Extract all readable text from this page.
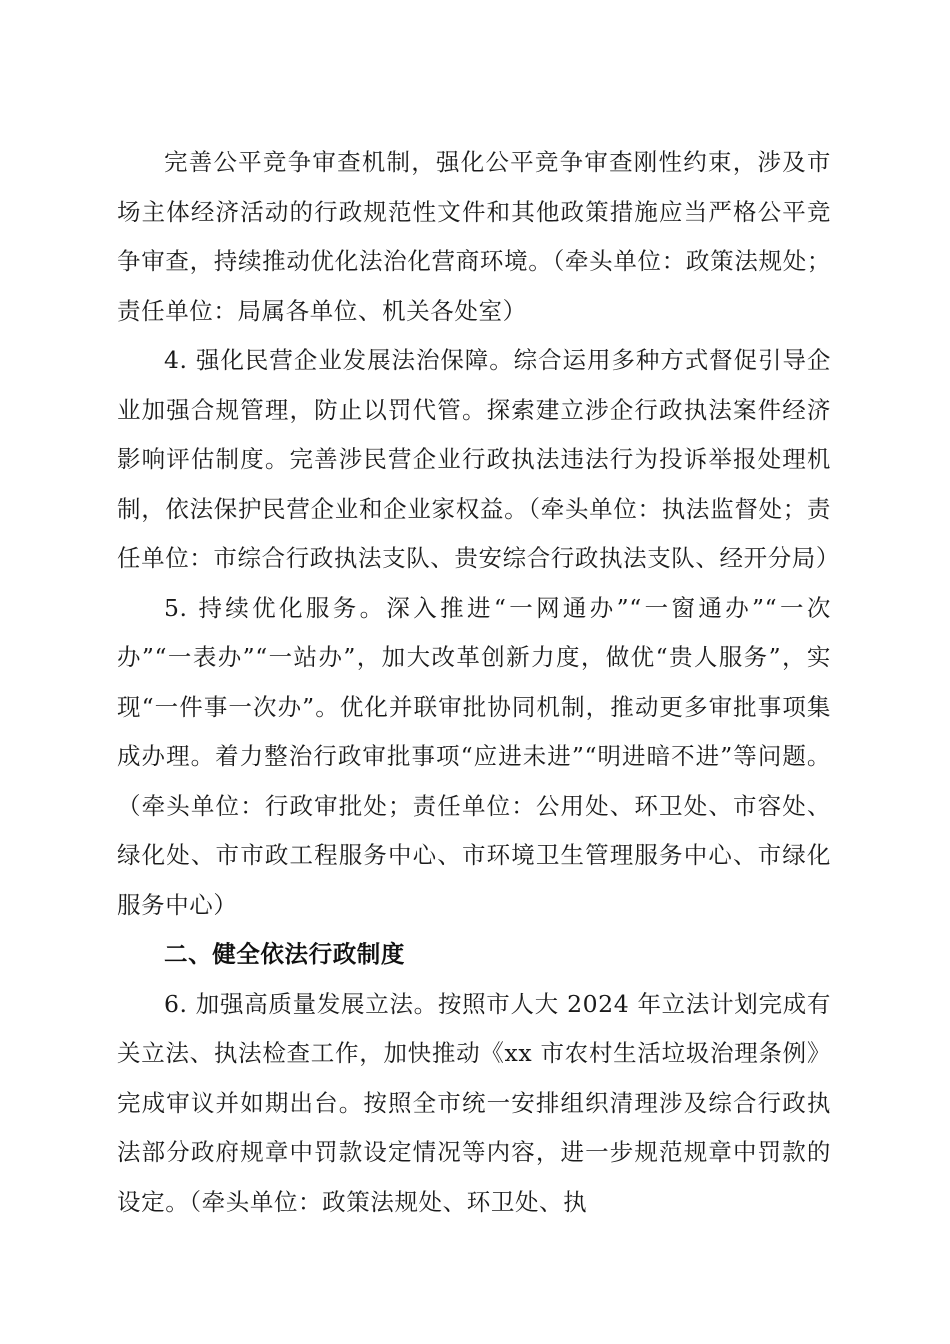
完善公平竞争审查机制，强化公平竞争审查刚性约束，涉及市场主体经济活动的行政规范性文件和其他政策措施应当严格公平竞争审查，持续推动优化法治化营商环境。（牵头单位：政策法规处；责任单位：局属各单位、机关各处室）

4. 强化民营企业发展法治保障。综合运用多种方式督促引导企业加强合规管理，防止以罚代管。探索建立涉企行政执法案件经济影响评估制度。完善涉民营企业行政执法违法行为投诉举报处理机制，依法保护民营企业和企业家权益。（牵头单位：执法监督处；责任单位：市综合行政执法支队、贵安综合行政执法支队、经开分局）

5. 持续优化服务。深入推进“一网通办”“一窗通办”“一次办”“一表办”“一站办”，加大改革创新力度，做优“贵人服务”，实现“一件事一次办”。优化并联审批协同机制，推动更多审批事项集成办理。着力整治行政审批事项“应进未进”“明进暗不进”等问题。（牵头单位：行政审批处；责任单位：公用处、环卫处、市容处、绿化处、市市政工程服务中心、市环境卫生管理服务中心、市绿化服务中心）

二、健全依法行政制度

6. 加强高质量发展立法。按照市人大 2024 年立法计划完成有关立法、执法检查工作，加快推动《xx 市农村生活垃圾治理条例》完成审议并如期出台。按照全市统一安排组织清理涉及综合行政执法部分政府规章中罚款设定情况等内容，进一步规范规章中罚款的设定。（牵头单位：政策法规处、环卫处、执
